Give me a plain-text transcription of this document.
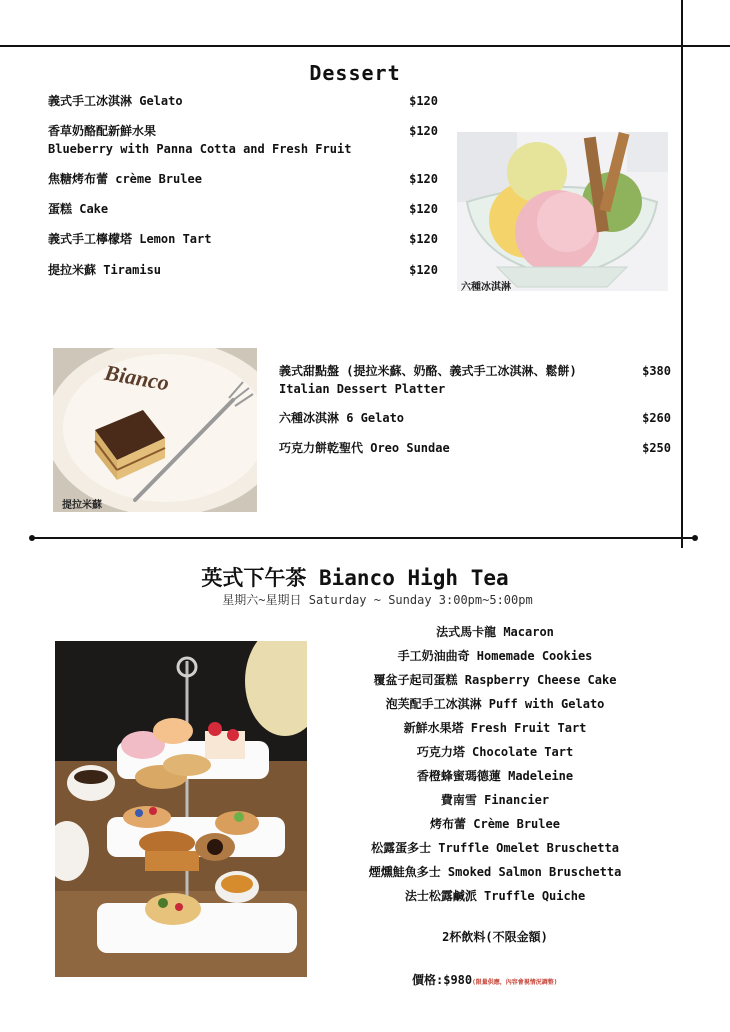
Dessert
義式手工冰淇淋 Gelato	$120
香草奶酪配新鮮水果
Blueberry with Panna Cotta and Fresh Fruit
$120
焦糖烤布蕾 crème Brulee	$120
蛋糕 Cake	$120
義式手工檸檬塔 Lemon Tart	$120
提拉米蘇 Tiramisu	$120
六種冰淇淋
Bianco
提拉米蘇
義式甜點盤 (提拉米蘇、奶酪、義式手工冰淇淋、鬆餅)
Italian Dessert Platter
$380
六種冰淇淋 6 Gelato	$260
巧克力餅乾聖代 Oreo Sundae	$250
英式下午茶 Bianco High Tea
星期六~星期日 Saturday ~ Sunday 3:00pm~5:00pm
法式馬卡龍 Macaron
手工奶油曲奇 Homemade Cookies
覆盆子起司蛋糕 Raspberry Cheese Cake
泡芙配手工冰淇淋 Puff with Gelato
新鮮水果塔 Fresh Fruit Tart
巧克力塔 Chocolate Tart
香橙蜂蜜瑪德蓮 Madeleine
費南雪 Financier
烤布蕾 Crème Brulee
松露蛋多士 Truffle Omelet Bruschetta
煙燻鮭魚多士 Smoked Salmon Bruschetta
法士松露鹹派 Truffle Quiche
2杯飲料(不限金額)
價格:$980(限量供應，內容會視情況調整)
